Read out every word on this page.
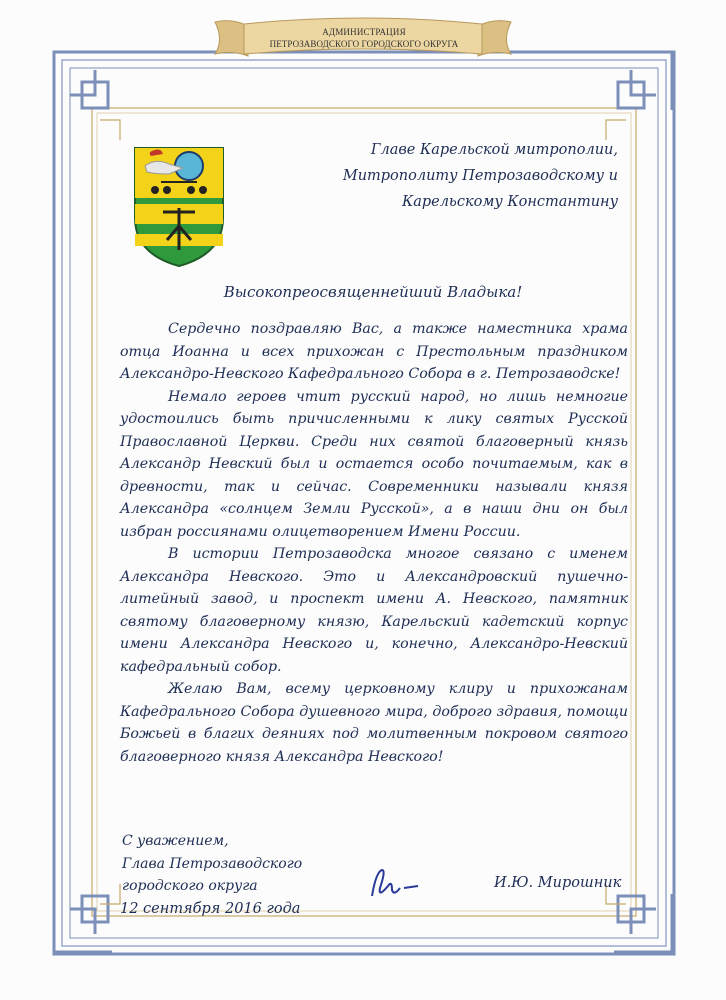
АДМИНИСТРАЦИЯ
ПЕТРОЗАВОДСКОГО ГОРОДСКОГО ОКРУГА
Главе Карельской митрополии,
Митрополиту Петрозаводскому и
Карельскому Константину
Высокопреосвященнейший Владыка!

Сердечно поздравляю Вас, а также наместника храма отца Иоанна и всех прихожан с Престольным праздником Александро-Невского Кафедрального Собора в г. Петрозаводске!

Немало героев чтит русский народ, но лишь немногие удостоились быть причисленными к лику святых Русской Православной Церкви. Среди них святой благоверный князь Александр Невский был и остается особо почитаемым, как в древности, так и сейчас. Современники называли князя Александра «солнцем Земли Русской», а в наши дни он был избран россиянами олицетворением Имени России.

В истории Петрозаводска многое связано с именем Александра Невского. Это и Александровский пушечно-литейный завод, и проспект имени А. Невского, памятник святому благоверному князю, Карельский кадетский корпус имени Александра Невского и, конечно, Александро-Невский кафедральный собор.

Желаю Вам, всему церковному клиру и прихожанам Кафедрального Собора душевного мира, доброго здравия, помощи Божьей в благих деяниях под молитвенным покровом святого благоверного князя Александра Невского!

С уважением,
Глава Петрозаводского
городского округа	И.Ю. Мирошник
12 сентября 2016 года
